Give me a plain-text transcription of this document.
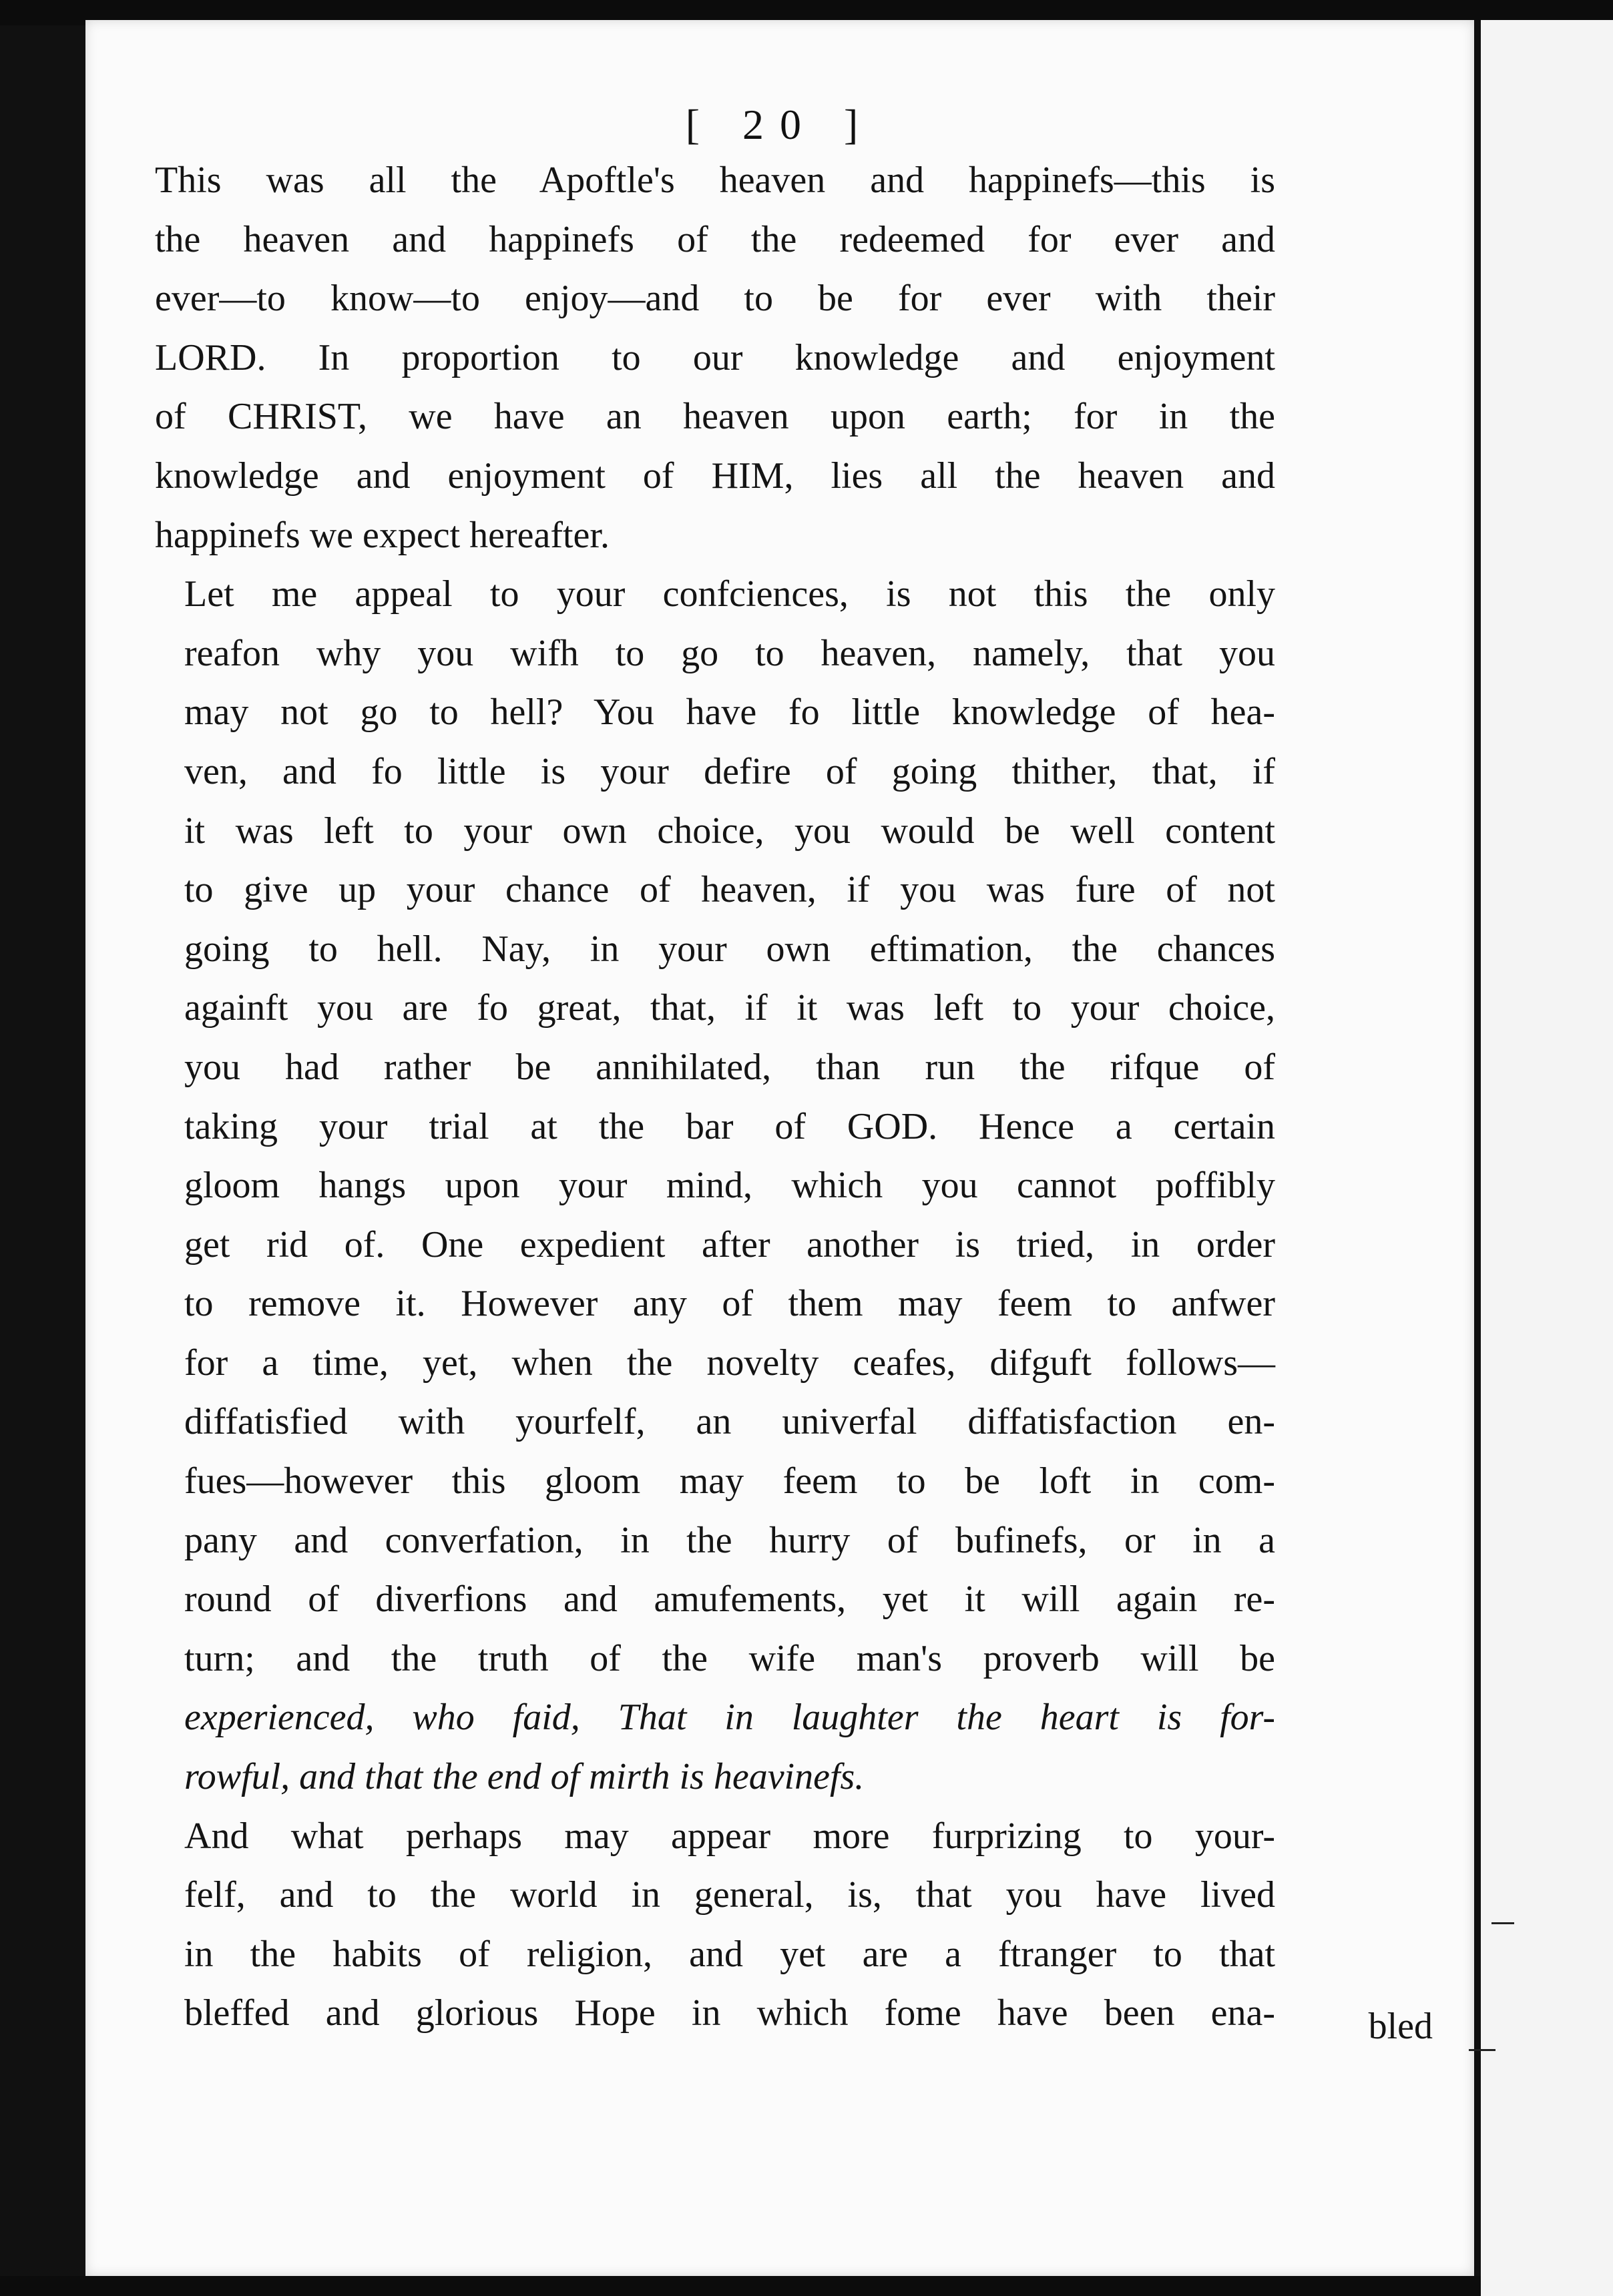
[ 20 ]

This was all the Apoftle's heaven and happinefs—this is
the heaven and happinefs of the redeemed for ever and
ever—to know—to enjoy—and to be for ever with their
LORD. In proportion to our knowledge and enjoyment
of CHRIST, we have an heaven upon earth; for in the
knowledge and enjoyment of HIM, lies all the heaven and
happinefs we expect hereafter.

Let me appeal to your confciences, is not this the only
reafon why you wifh to go to heaven, namely, that you
may not go to hell? You have fo little knowledge of hea-
ven, and fo little is your defire of going thither, that, if
it was left to your own choice, you would be well content
to give up your chance of heaven, if you was fure of not
going to hell. Nay, in your own eftimation, the chances
againft you are fo great, that, if it was left to your choice,
you had rather be annihilated, than run the rifque of
taking your trial at the bar of GOD. Hence a certain
gloom hangs upon your mind, which you cannot poffibly
get rid of. One expedient after another is tried, in order
to remove it. However any of them may feem to anfwer
for a time, yet, when the novelty ceafes, difguft follows—
diffatisfied with yourfelf, an univerfal diffatisfaction en-
fues—however this gloom may feem to be loft in com-
pany and converfation, in the hurry of bufinefs, or in a
round of diverfions and amufements, yet it will again re-
turn; and the truth of the wife man's proverb will be
experienced, who faid, That in laughter the heart is for-
rowful, and that the end of mirth is heavinefs.

And what perhaps may appear more furprizing to your-
felf, and to the world in general, is, that you have lived
in the habits of religion, and yet are a ftranger to that
bleffed and glorious Hope in which fome have been ena- bled
